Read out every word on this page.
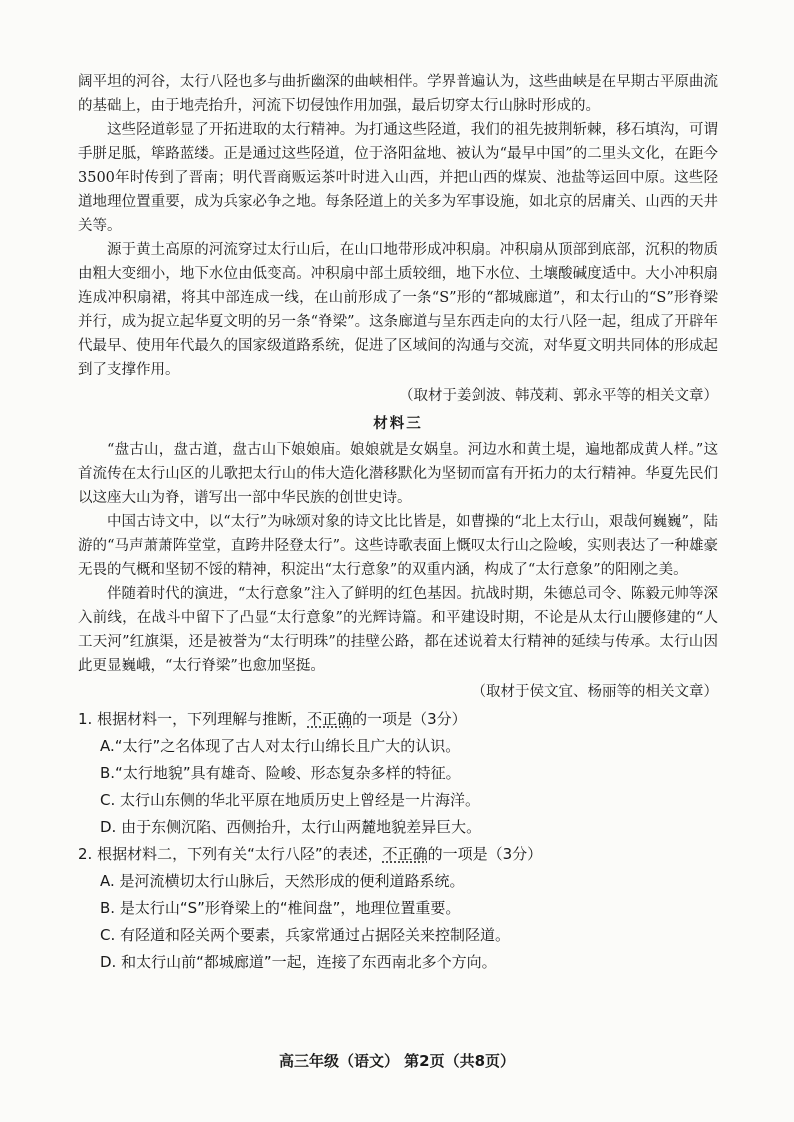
阔平坦的河谷，太行八陉也多与曲折幽深的曲峡相伴。学界普遍认为，这些曲峡是在早期古平原曲流的基础上，由于地壳抬升，河流下切侵蚀作用加强，最后切穿太行山脉时形成的。

这些陉道彰显了开拓进取的太行精神。为打通这些陉道，我们的祖先披荆斩棘，移石填沟，可谓手胼足胝，筚路蓝缕。正是通过这些陉道，位于洛阳盆地、被认为“最早中国”的二里头文化，在距今3500年时传到了晋南；明代晋商贩运茶叶时进入山西，并把山西的煤炭、池盐等运回中原。这些陉道地理位置重要，成为兵家必争之地。每条陉道上的关多为军事设施，如北京的居庸关、山西的天井关等。

源于黄土高原的河流穿过太行山后，在山口地带形成冲积扇。冲积扇从顶部到底部，沉积的物质由粗大变细小，地下水位由低变高。冲积扇中部土质较细，地下水位、土壤酸碱度适中。大小冲积扇连成冲积扇裙，将其中部连成一线，在山前形成了一条“S”形的“都城廊道”，和太行山的“S”形脊梁并行，成为捉立起华夏文明的另一条“脊梁”。这条廊道与呈东西走向的太行八陉一起，组成了开辟年代最早、使用年代最久的国家级道路系统，促进了区域间的沟通与交流，对华夏文明共同体的形成起到了支撑作用。

（取材于姜剑波、韩茂莉、郭永平等的相关文章）

材料三

“盘古山，盘古道，盘古山下娘娘庙。娘娘就是女娲皇。河边水和黄土堤，遍地都成黄人样。”这首流传在太行山区的儿歌把太行山的伟大造化潜移默化为坚韧而富有开拓力的太行精神。华夏先民们以这座大山为脊，谱写出一部中华民族的创世史诗。

中国古诗文中，以“太行”为咏颂对象的诗文比比皆是，如曹操的“北上太行山，艰哉何巍巍”，陆游的“马声萧萧阵堂堂，直跨井陉登太行”。这些诗歌表面上慨叹太行山之险峻，实则表达了一种雄豪无畏的气概和坚韧不馁的精神，积淀出“太行意象”的双重内涵，构成了“太行意象”的阳刚之美。

伴随着时代的演进，“太行意象”注入了鲜明的红色基因。抗战时期，朱德总司令、陈毅元帅等深入前线，在战斗中留下了凸显“太行意象”的光辉诗篇。和平建设时期，不论是从太行山腰修建的“人工天河”红旗渠，还是被誉为“太行明珠”的挂壁公路，都在述说着太行精神的延续与传承。太行山因此更显巍峨，“太行脊梁”也愈加坚挺。

（取材于侯文宜、杨丽等的相关文章）

1. 根据材料一，下列理解与推断，不正确的一项是（3分）

A.“太行”之名体现了古人对太行山绵长且广大的认识。

B.“太行地貌”具有雄奇、险峻、形态复杂多样的特征。

C. 太行山东侧的华北平原在地质历史上曾经是一片海洋。

D. 由于东侧沉陷、西侧抬升，太行山两麓地貌差异巨大。

2. 根据材料二，下列有关“太行八陉”的表述，不正确的一项是（3分）

A. 是河流横切太行山脉后，天然形成的便利道路系统。

B. 是太行山“S”形脊梁上的“椎间盘”，地理位置重要。

C. 有陉道和陉关两个要素，兵家常通过占据陉关来控制陉道。

D. 和太行山前“都城廊道”一起，连接了东西南北多个方向。

高三年级（语文） 第2页（共8页）
